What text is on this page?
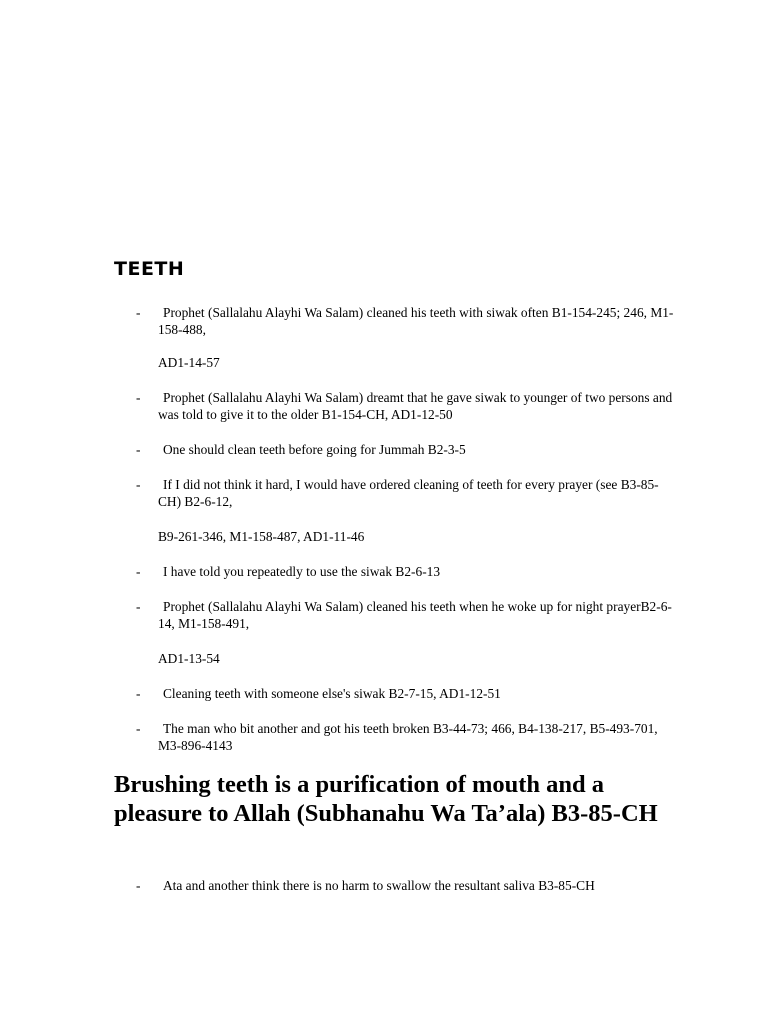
TEETH
-	Prophet (Sallalahu Alayhi Wa Salam) cleaned his teeth with siwak often B1-154-245; 246, M1-158-488,
AD1-14-57
-	Prophet (Sallalahu Alayhi Wa Salam) dreamt that he gave siwak to younger of two persons and was told to give it to the older B1-154-CH, AD1-12-50
-	One should clean teeth before going for Jummah B2-3-5
-	If I did not think it hard, I would have ordered cleaning of teeth for every prayer (see B3-85-CH) B2-6-12,
B9-261-346, M1-158-487, AD1-11-46
-	I have told you repeatedly to use the siwak B2-6-13
-	Prophet (Sallalahu Alayhi Wa Salam) cleaned his teeth when he woke up for night prayerB2-6-14, M1-158-491,
AD1-13-54
-	Cleaning teeth with someone else's siwak B2-7-15, AD1-12-51
-	The man who bit another and got his teeth broken B3-44-73; 466, B4-138-217, B5-493-701, M3-896-4143
Brushing teeth is a purification of mouth and a pleasure to Allah (Subhanahu Wa Ta’ala) B3-85-CH
-	Ata and another think there is no harm to swallow the resultant saliva B3-85-CH
